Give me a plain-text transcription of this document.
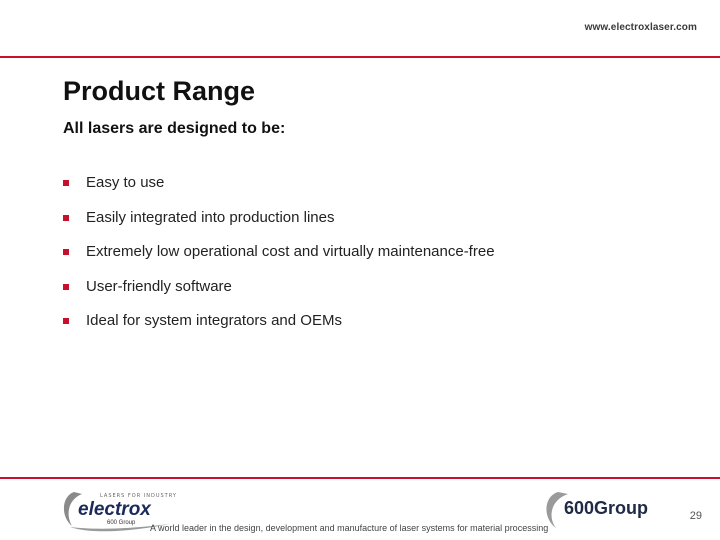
www.electroxlaser.com
Product Range
All lasers are designed to be:
Easy to use
Easily integrated into production lines
Extremely low operational cost and virtually maintenance-free
User-friendly software
Ideal for system integrators and OEMs
LASERS FOR INDUSTRY
electrox
600 Group A world leader in the design, development and manufacture of laser systems for material processing
600Group	29
